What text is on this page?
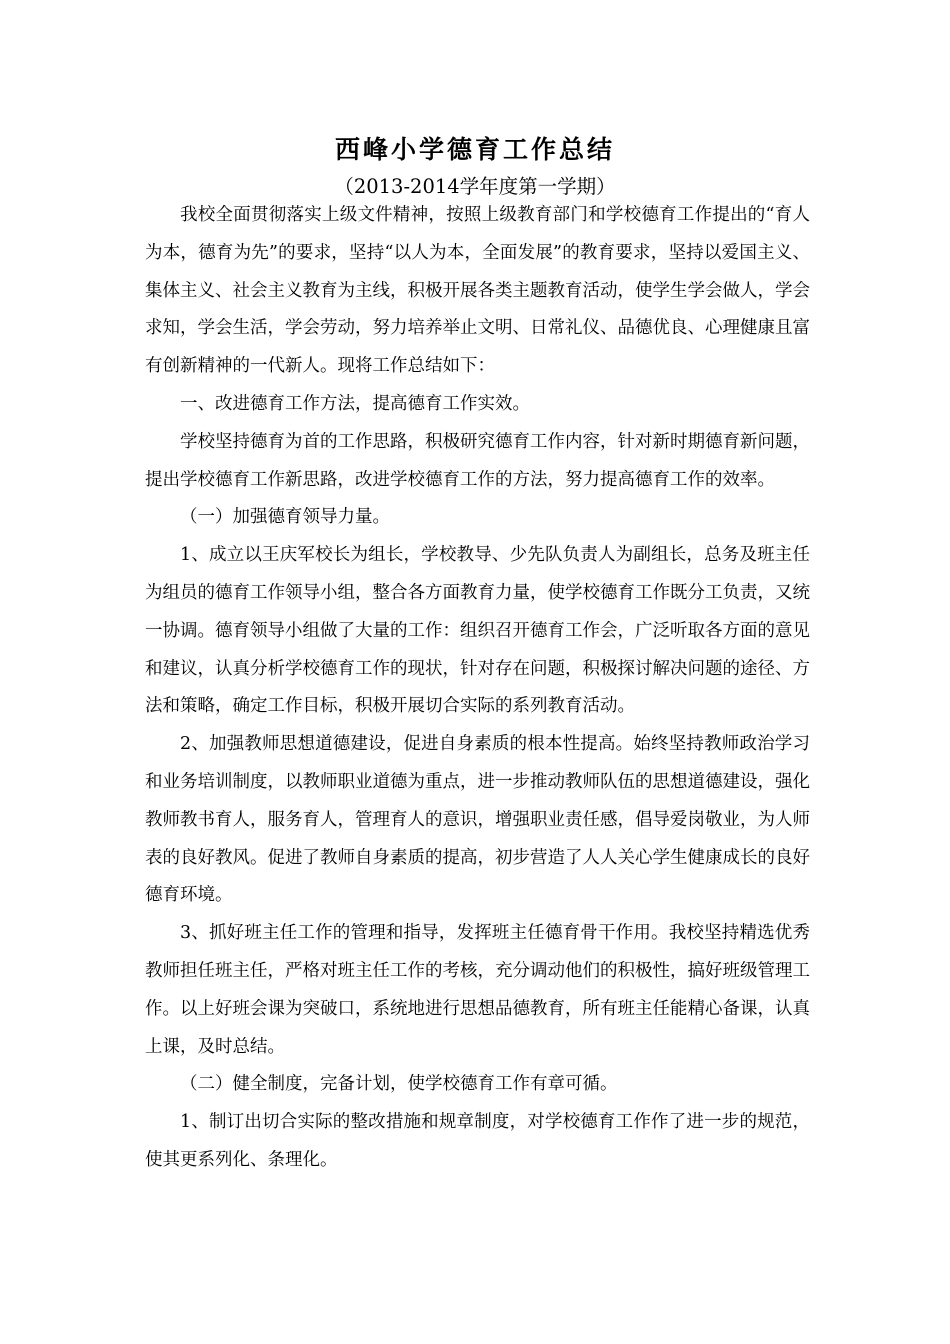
西峰小学德育工作总结
（2013-2014学年度第一学期）

我校全面贯彻落实上级文件精神，按照上级教育部门和学校德育工作提出的“育人为本，德育为先”的要求，坚持“以人为本，全面发展”的教育要求，坚持以爱国主义、集体主义、社会主义教育为主线，积极开展各类主题教育活动，使学生学会做人，学会求知，学会生活，学会劳动，努力培养举止文明、日常礼仪、品德优良、心理健康且富有创新精神的一代新人。现将工作总结如下：

一、改进德育工作方法，提高德育工作实效。

学校坚持德育为首的工作思路，积极研究德育工作内容，针对新时期德育新问题，提出学校德育工作新思路，改进学校德育工作的方法，努力提高德育工作的效率。

（一）加强德育领导力量。

1、成立以王庆军校长为组长，学校教导、少先队负责人为副组长，总务及班主任为组员的德育工作领导小组，整合各方面教育力量，使学校德育工作既分工负责，又统一协调。德育领导小组做了大量的工作：组织召开德育工作会，广泛听取各方面的意见和建议，认真分析学校德育工作的现状，针对存在问题，积极探讨解决问题的途径、方法和策略，确定工作目标，积极开展切合实际的系列教育活动。

2、加强教师思想道德建设，促进自身素质的根本性提高。始终坚持教师政治学习和业务培训制度，以教师职业道德为重点，进一步推动教师队伍的思想道德建设，强化教师教书育人，服务育人，管理育人的意识，增强职业责任感，倡导爱岗敬业，为人师表的良好教风。促进了教师自身素质的提高，初步营造了人人关心学生健康成长的良好德育环境。

3、抓好班主任工作的管理和指导，发挥班主任德育骨干作用。我校坚持精选优秀教师担任班主任，严格对班主任工作的考核，充分调动他们的积极性，搞好班级管理工作。以上好班会课为突破口，系统地进行思想品德教育，所有班主任能精心备课，认真上课，及时总结。

（二）健全制度，完备计划，使学校德育工作有章可循。

1、制订出切合实际的整改措施和规章制度，对学校德育工作作了进一步的规范，使其更系列化、条理化。
